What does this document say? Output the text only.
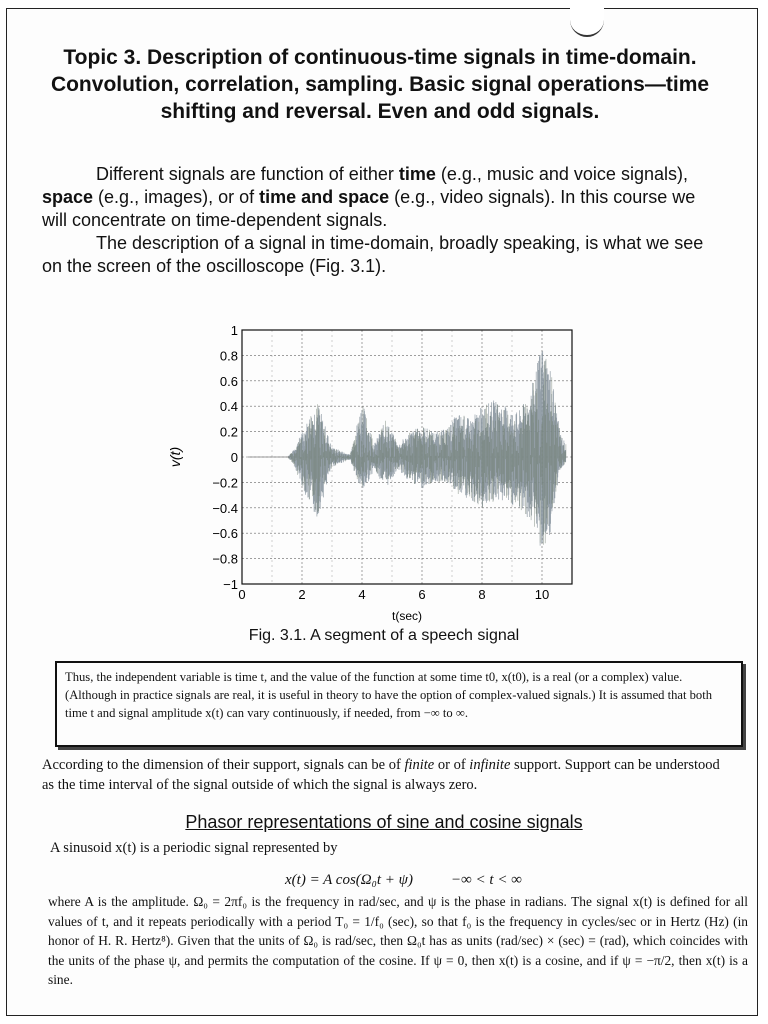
Topic 3. Description of continuous-time signals in time-domain. Convolution, correlation, sampling. Basic signal operations—time shifting and reversal. Even and odd signals.

Different signals are function of either time (e.g., music and voice signals), space (e.g., images), or of time and space (e.g., video signals). In this course we will concentrate on time-dependent signals.

The description of a signal in time-domain, broadly speaking, is what we see on the screen of the oscilloscope (Fig. 3.1).

−1
−0.8
−0.6
−0.4
−0.2
0
0.2
0.4
0.6
0.8
1
0	2	4	6	8	10
v(t)
t(sec)
Fig. 3.1. A segment of a speech signal
Thus, the independent variable is time t, and the value of the function at some time t0, x(t0), is a real (or a complex) value. (Although in practice signals are real, it is useful in theory to have the option of complex-valued signals.) It is assumed that both time t and signal amplitude x(t) can vary continuously, if needed, from −∞ to ∞.
According to the dimension of their support, signals can be of finite or of infinite support. Support can be understood as the time interval of the signal outside of which the signal is always zero.
Phasor representations of sine and cosine signals
A sinusoid x(t) is a periodic signal represented by
x(t) = A cos(Ω₀t + ψ)	−∞ < t < ∞

where A is the amplitude. Ω₀ = 2πf₀ is the frequency in rad/sec, and ψ is the phase in radians. The signal x(t) is defined for all values of t, and it repeats periodically with a period T₀ = 1/f₀ (sec), so that f₀ is the frequency in cycles/sec or in Hertz (Hz) (in honor of H. R. Hertz⁸). Given that the units of Ω₀ is rad/sec, then Ω₀t has as units (rad/sec) × (sec) = (rad), which coincides with the units of the phase ψ, and permits the computation of the cosine. If ψ = 0, then x(t) is a cosine, and if ψ = −π/2, then x(t) is a sine.
